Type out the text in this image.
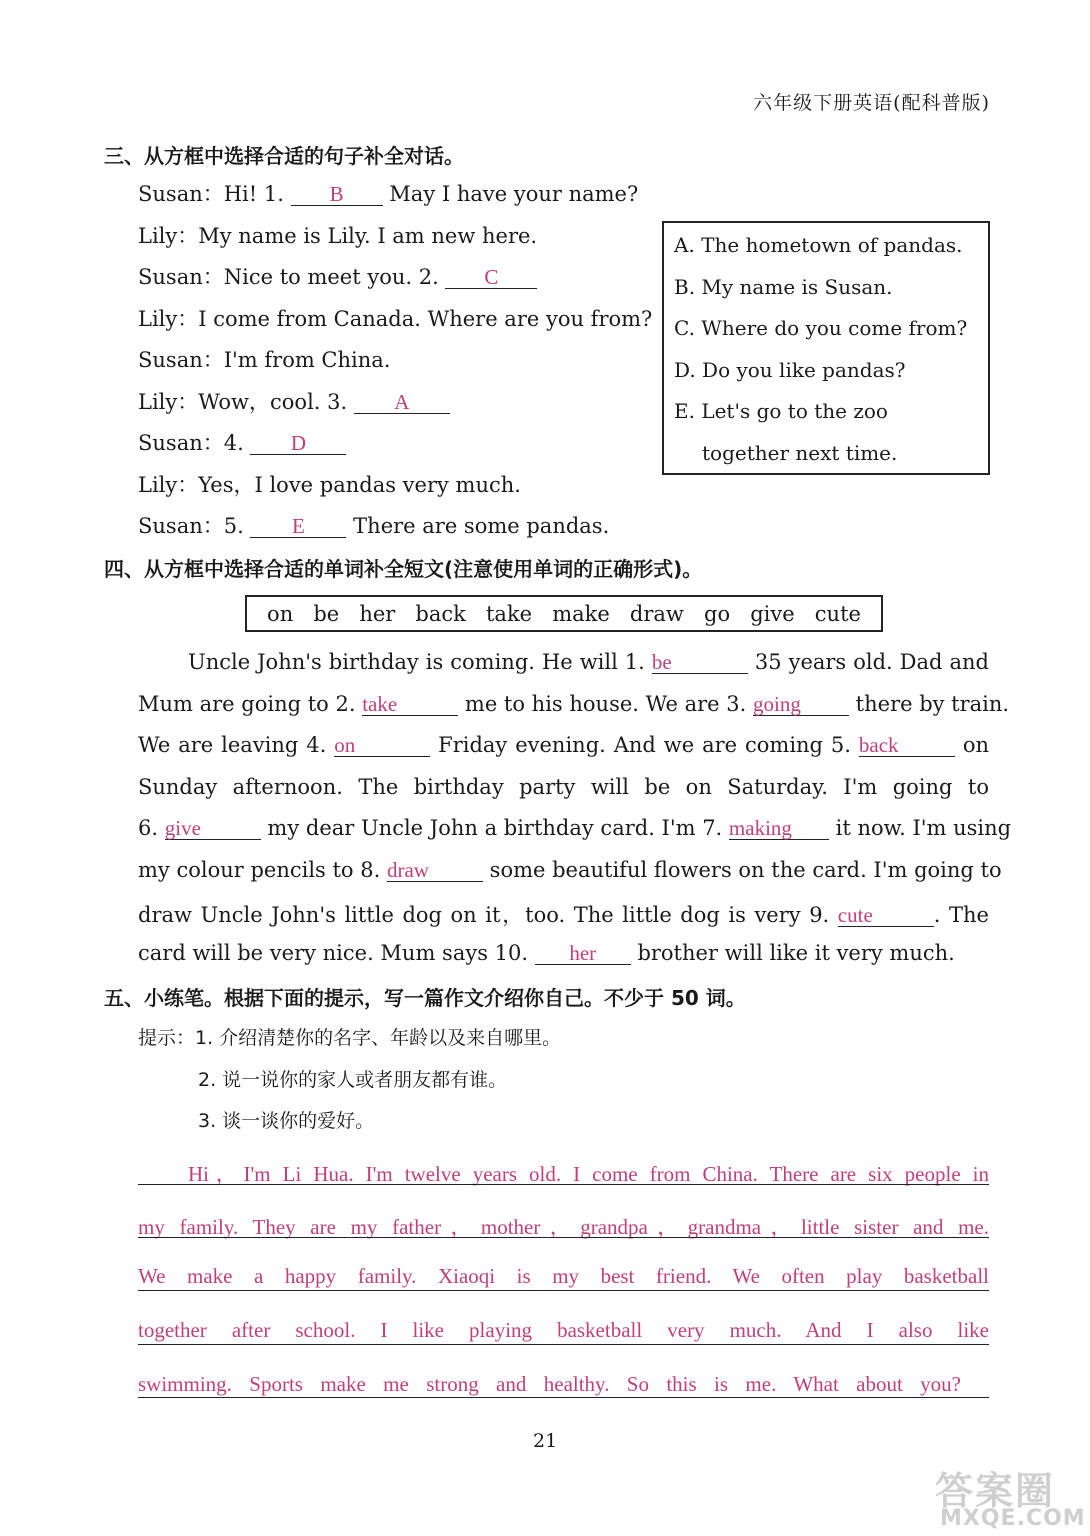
六年级下册英语(配科普版)
三、从方框中选择合适的句子补全对话。
Susan：Hi! 1. B May I have your name?
Lily：My name is Lily. I am new here.
Susan：Nice to meet you. 2. C
Lily：I come from Canada. Where are you from?
Susan：I'm from China.
Lily：Wow，cool. 3. A
Susan：4. D
Lily：Yes，I love pandas very much.
Susan：5. E There are some pandas.
A. The hometown of pandas.
B. My name is Susan.
C. Where do you come from?
D. Do you like pandas?
E. Let's go to the zoo
together next time.
四、从方框中选择合适的单词补全短文(注意使用单词的正确形式)。
on be her back take make draw go give cute
Uncle John's birthday is coming. He will 1. be	35 years old. Dad and
Mum are going to 2. take	me to his house. We are 3. going	there by train.
We are leaving 4. on	Friday evening. And we are coming 5. back	on
Sunday afternoon. The birthday party will be on Saturday. I'm going to
6. give	my dear Uncle John a birthday card. I'm 7. making it now. I'm using
my colour pencils to 8. draw	some beautiful flowers on the card. I'm going to
draw Uncle John's little dog on it，too. The little dog is very 9. cute	. The
card will be very nice. Mum says 10. her brother will like it very much.
五、小练笔。根据下面的提示，写一篇作文介绍你自己。不少于 50 词。
提示：1. 介绍清楚你的名字、年龄以及来自哪里。
2. 说一说你的家人或者朋友都有谁。
3. 谈一谈你的爱好。
Hi，I'm Li Hua. I'm twelve years old. I come from China. There are six people in
my family. They are my father，mother，grandpa，grandma，little sister and me.
We make a happy family. Xiaoqi is my best friend. We often play basketball
together after school. I like playing basketball very much. And I also like
swimming. Sports make me strong and healthy. So this is me. What about you?
21
答案圈
MXQE.COM
